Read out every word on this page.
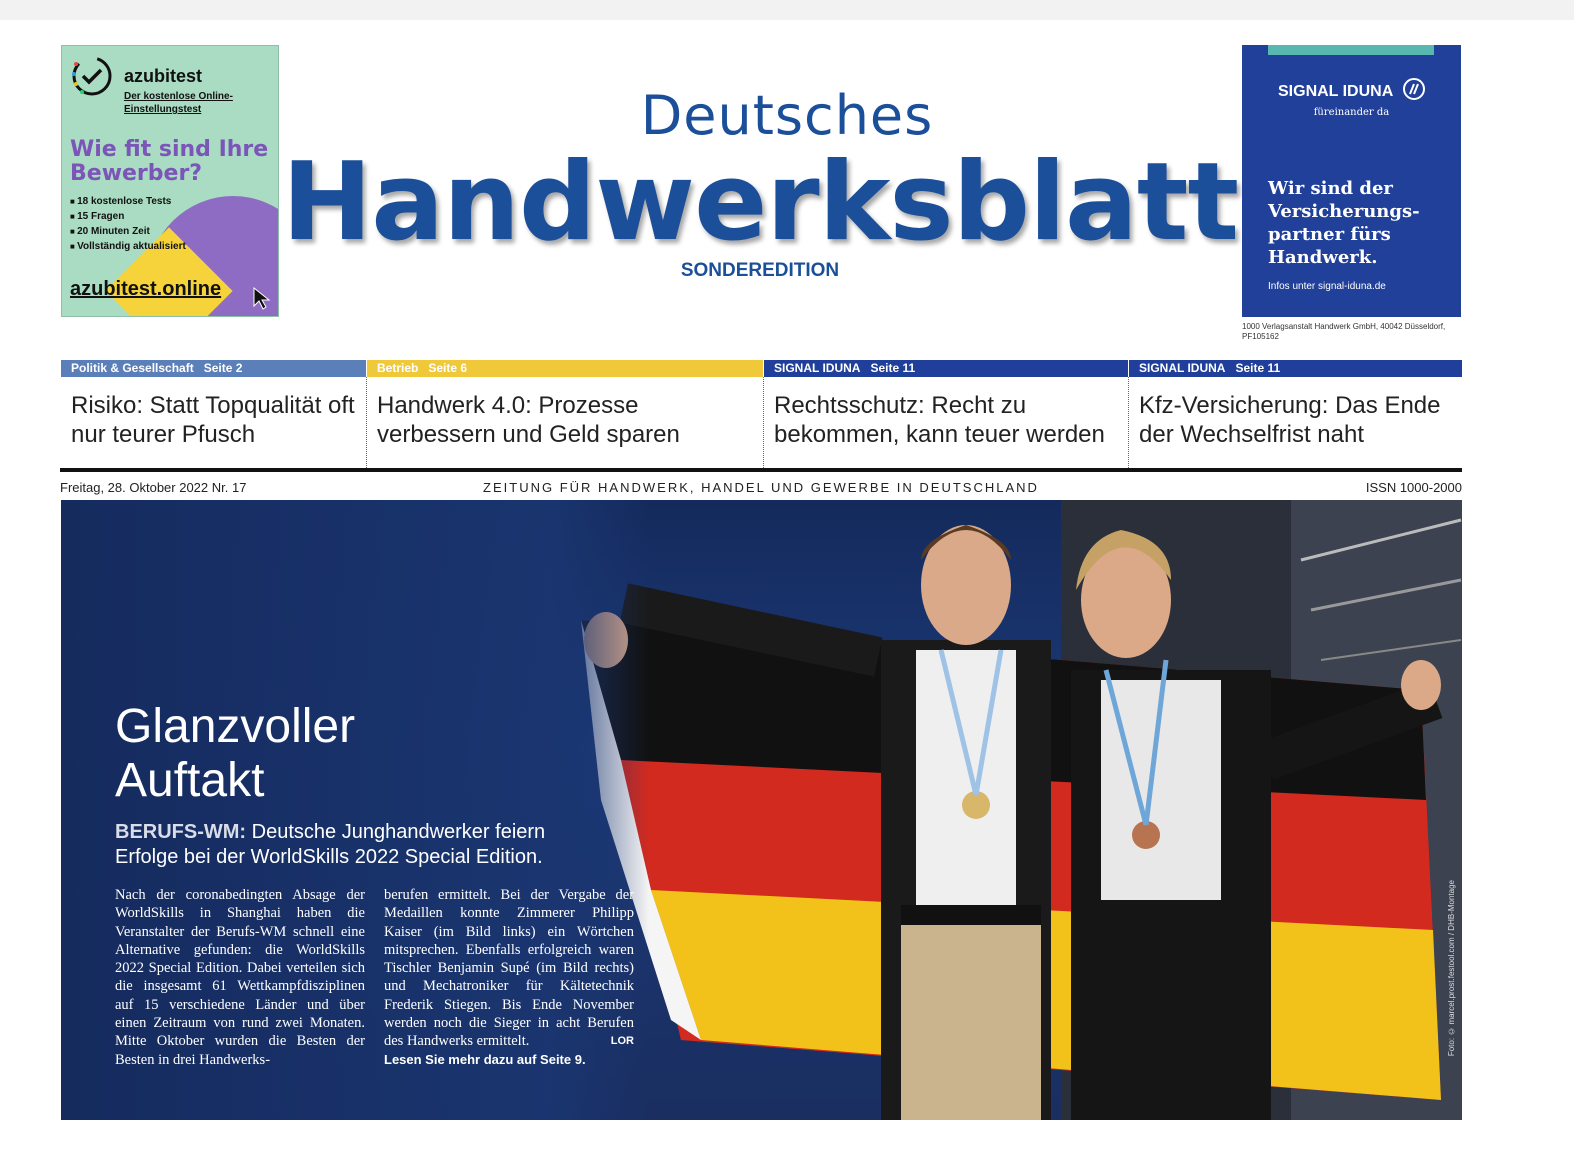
azubitest
Der kostenlose Online-Einstellungstest
Wie fit sind Ihre Bewerber?
■ 18 kostenlose Tests
■ 15 Fragen
■ 20 Minuten Zeit
■ Vollständig aktualisiert
azubitest.online
Deutsches
Handwerksblatt
SONDEREDITION
SIGNAL IDUNA
füreinander da
Wir sind der Versicherungs-partner fürs Handwerk.
Infos unter signal-iduna.de
1000 Verlagsanstalt Handwerk GmbH, 40042 Düsseldorf, PF105162
Politik & Gesellschaft Seite 2
Risiko: Statt Topqualität oft nur teurer Pfusch
Betrieb Seite 6
Handwerk 4.0: Prozesse verbessern und Geld sparen
SIGNAL IDUNA Seite 11
Rechtsschutz: Recht zu bekommen, kann teuer werden
SIGNAL IDUNA Seite 11
Kfz-Versicherung: Das Ende der Wechselfrist naht
Freitag, 28. Oktober 2022 Nr. 17	ZEITUNG FÜR HANDWERK, HANDEL UND GEWERBE IN DEUTSCHLAND	ISSN 1000-2000
Glanzvoller
Auftakt
BERUFS-WM: Deutsche Junghandwerker feiern Erfolge bei der WorldSkills 2022 Special Edition.
Nach der coronabedingten Absage der WorldSkills in Shanghai haben die Veranstalter der Berufs-WM schnell eine Alternative gefunden: die WorldSkills 2022 Special Edition. Dabei verteilen sich die insgesamt 61 Wettkampfdisziplinen auf 15 verschiedene Länder und über einen Zeitraum von rund zwei Monaten. Mitte Oktober wurden die Besten der Besten in drei Handwerks-
berufen ermittelt. Bei der Vergabe der Medaillen konnte Zimmerer Philipp Kaiser (im Bild links) ein Wörtchen mitsprechen. Ebenfalls erfolgreich waren Tischler Benjamin Supé (im Bild rechts) und Mechatroniker für Kältetechnik Frederik Stiegen. Bis Ende November werden noch die Sieger in acht Berufen des Handwerks ermittelt.	LOR

Lesen Sie mehr dazu auf Seite 9.
Foto: © marcel.prost.festool.com / DHB-Montage
